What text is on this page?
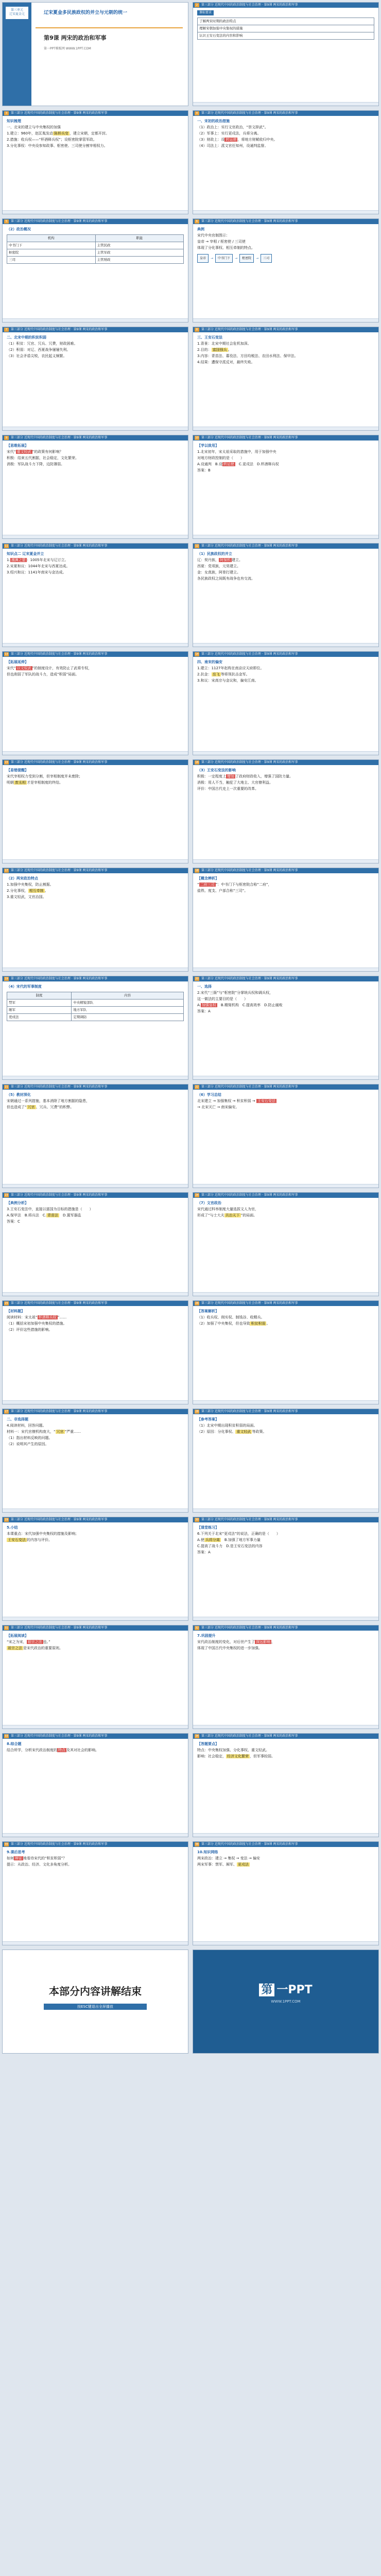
第三单元
辽宋夏金元	辽宋夏金多民族政权的并立与元朝的统一
第9课 两宋的政治和军事
第一PPT模板网 WWW.1PPT.COM
2	第三部分 近现代中国的政治制度与社会治理 · 第9课 两宋的政治和军事
课标要求
了解两宋时期的政治特点
理解宋朝加强中央集权的措施
认识王安石变法的内容和影响
3	第三部分 近现代中国的政治制度与社会治理 · 第9课 两宋的政治和军事
知识梳理
一、北宋的建立与中央集权的加强
1.建立：960年，赵匡胤发动 陈桥兵变 ，建立宋朝，定都开封。
2.措施：收兵权——“杯酒释兵权”；设枢密院掌管军政。
3.分化事权：中央设参知政事、枢密使、三司使分割宰相权力。
4	第三部分 近现代中国的政治制度与社会治理 · 第9课 两宋的政治和军事
一、宋初的政治措施
（1）政治上：实行文官政治，“崇文抑武”。
（2）军事上：实行更戍法，兵将分离。
（3）财政上：设 转运使 ，将地方财赋收归中央。
（4）司法上：派文官任知州，设通判监督。
5	第三部分 近现代中国的政治制度与社会治理 · 第9课 两宋的政治和军事
（2）政治概况
机构	职能
中书门下	主管民政
枢密院	主管军政
三司	主管财政
6	第三部分 近现代中国的政治制度与社会治理 · 第9课 两宋的政治和军事
典例
宋代中央官制图示：
皇帝 → 宰相 / 枢密使 / 三司使
体现了分化事权、相互牵制的特点。
皇帝	→	中书门下	→	枢密院	→	三司
7	第三部分 近现代中国的政治制度与社会治理 · 第9课 两宋的政治和军事
二、北宋中期的积贫积弱
（1）积贫：冗官、冗兵、冗费，财政困难。
（2）积弱：对辽、西夏战争屡屡失利。
（3）社会矛盾尖锐，农民起义频繁。
8	第三部分 近现代中国的政治制度与社会治理 · 第9课 两宋的政治和军事
三、王安石变法
1.背景：北宋中期社会危机加深。
2.目的： 富国强兵 。
3.内容：青苗法、募役法、方田均税法、农田水利法、保甲法。
4.结果：遭保守派反对，最终失败。
9	第三部分 近现代中国的政治制度与社会治理 · 第9课 两宋的政治和军事
【思维拓展】
宋代“ 重文轻武 ”的政策有何影响？
积极：结束五代割据，社会稳定，文化繁荣。
消极：军队战斗力下降，边防薄弱。
10 第三部分 近现代中国的政治制度与社会治理 · 第9课 两宋的政治和军事
【学以致用】
1.北宋初年，宋太祖采取的措施中，用于加强中央
对地方财政控制的是（　　）
A.设通判　B.设 转运使　C.更戍法　D.杯酒释兵权
答案：B
11 第三部分 近现代中国的政治制度与社会治理 · 第9课 两宋的政治和军事
知识点二 辽宋夏金并立
1. 澶渊之盟 ：1005年北宋与辽订立。
2.宋夏和议：1044年北宋与西夏达成。
3.绍兴和议：1141年南宋与金达成。
12 第三部分 近现代中国的政治制度与社会治理 · 第9课 两宋的政治和军事
（1）民族政权的并立
辽：契丹族， 阿保机 建立。
西夏：党项族，元昊建立。
金：女真族，阿骨打建立。
各民族政权之间既有战争也有交流。
13 第三部分 近现代中国的政治制度与社会治理 · 第9课 两宋的政治和军事
【拓展延伸】
宋代“ 以文驭武 ”的制度设计，有效防止了武将专权，
但也削弱了军队的战斗力，造成“积弱”局面。
14 第三部分 近现代中国的政治制度与社会治理 · 第9课 两宋的政治和军事
四、南宋的偏安
1.建立：1127年赵构在南京应天府即位。
2.抗金： 岳飞 等将领抗击金军。
3.和议：宋高宗与金议和，偏安江南。
15 第三部分 近现代中国的政治制度与社会治理 · 第9课 两宋的政治和军事
【易错提醒】
宋代宰相权力受到分割，但宰相制度并未废除；
明朝 废丞相 才是宰相制度的终结。
16 第三部分 近现代中国的政治制度与社会治理 · 第9课 两宋的政治和军事
（3）王安石变法的影响
积极：一定程度上 增加 了政府财政收入，增强了国防力量。
消极：用人不当，触犯了大地主、大官僚利益。
评价：中国古代史上一次重要的改革。
17 第三部分 近现代中国的政治制度与社会治理 · 第9课 两宋的政治和军事
（2）两宋政治特点
1.加强中央集权，防止割据。
2.分化事权， 相互牵制 。
3.重文轻武，文官治国。
18 第三部分 近现代中国的政治制度与社会治理 · 第9课 两宋的政治和军事
【概念辨析】
“ 二府三司 ”：中书门下与枢密院合称“二府”，
盐铁、度支、户部合称“三司”。
19 第三部分 近现代中国的政治制度与社会治理 · 第9课 两宋的政治和军事
（4）宋代的军事制度
制度	内容
禁军	中央精锐部队
厢军	地方军队
更戍法	定期调防
20 第三部分 近现代中国的政治制度与社会治理 · 第9课 两宋的政治和军事
一、选择
2.宋代“三衙”与“枢密院”分掌统兵权和调兵权，
这一做法的主要目的是（　　）
A. 加强皇权　B.精简机构　C.提高效率　D.防止腐败
答案：A
21 第三部分 近现代中国的政治制度与社会治理 · 第9课 两宋的政治和军事
（5）教材深化
宋朝通过一系列措施，基本消除了地方割据的隐患，
但也造成了“ 冗官 、冗兵、冗费”的积弊。
22 第三部分 近现代中国的政治制度与社会治理 · 第9课 两宋的政治和军事
（6）学习总结
北宋建立 → 加强集权 → 积贫积弱 → 王安石变法
→ 北宋灭亡 → 南宋偏安。
23 第三部分 近现代中国的政治制度与社会治理 · 第9课 两宋的政治和军事
【典例分析】
3.王安石变法中，直接以富国为目标的措施是（　　）
A.保甲法　B.将兵法　C. 青苗法　D.置军器监
答案：C
24 第三部分 近现代中国的政治制度与社会治理 · 第9课 两宋的政治和军事
（7）文官政治
宋代通过科举制度大量选拔文人为官，
形成了“与士大夫 共治天下 ”的局面。
25 第三部分 近现代中国的政治制度与社会治理 · 第9课 两宋的政治和军事
【材料题】
阅读材料：宋太祖“ 杯酒释兵权 ”……
（1）概括宋初加强中央集权的措施。
（2）评价这些措施的影响。
26 第三部分 近现代中国的政治制度与社会治理 · 第9课 两宋的政治和军事
【答案解析】
（1）收兵权、削实权、制钱谷、收精兵。
（2）加强了中央集权，但也导致 积贫积弱 。
27 第三部分 近现代中国的政治制度与社会治理 · 第9课 两宋的政治和军事
二、非选择题
4.阅读材料，回答问题。
材料一：宋代官僚机构庞大，“ 冗官 ”严重……
（1）指出材料反映的问题。
（2）说明其产生的原因。
28 第三部分 近现代中国的政治制度与社会治理 · 第9课 两宋的政治和军事
【参考答案】
（1）北宋中期出现积贫积弱的局面。
（2）原因：分化事权、 重文轻武 等政策。
29 第三部分 近现代中国的政治制度与社会治理 · 第9课 两宋的政治和军事
5.小结
本课重点：宋代加强中央集权的措施及影响；
王安石变法 的内容与评价。
30 第三部分 近现代中国的政治制度与社会治理 · 第9课 两宋的政治和军事
【课堂练习】
6.下列关于北宋“更戍法”的说法，正确的是（　　）
A.使 兵将分离　B.加强了地方军事力量
C.提高了战斗力　D.是王安石变法的内容
答案：A
31 第三部分 近现代中国的政治制度与社会治理 · 第9课 两宋的政治和军事
【拓展阅读】
“宋之为宋， 祖宗之法 也。”
祖宗之法 是宋代政治的重要原则。
32 第三部分 近现代中国的政治制度与社会治理 · 第9课 两宋的政治和军事
7.巩固提升
宋代政治制度的变化，对后世产生了 深远影响 ，
体现了中国古代中央集权的进一步加强。
33 第三部分 近现代中国的政治制度与社会治理 · 第9课 两宋的政治和军事
8.综合题
结合所学，分析宋代政治制度的 特点 及其对社会的影响。
34 第三部分 近现代中国的政治制度与社会治理 · 第9课 两宋的政治和军事
【答题要点】
特点：中央集权加强、分化事权、重文轻武。
影响：社会稳定， 经济文化繁荣 ，但军事较弱。
35 第三部分 近现代中国的政治制度与社会治理 · 第9课 两宋的政治和军事
9.课后思考
如何 辩证 地看待宋代的“积贫积弱”？
提示：从政治、经济、文化多角度分析。
36 第三部分 近现代中国的政治制度与社会治理 · 第9课 两宋的政治和军事
10.知识网络
两宋政治：建立 → 集权 → 变法 → 偏安
两宋军事：禁军、厢军、 更戍法
本部分内容讲解结束
按ESC键退出全屏播放
第 一PPT
WWW.1PPT.COM
